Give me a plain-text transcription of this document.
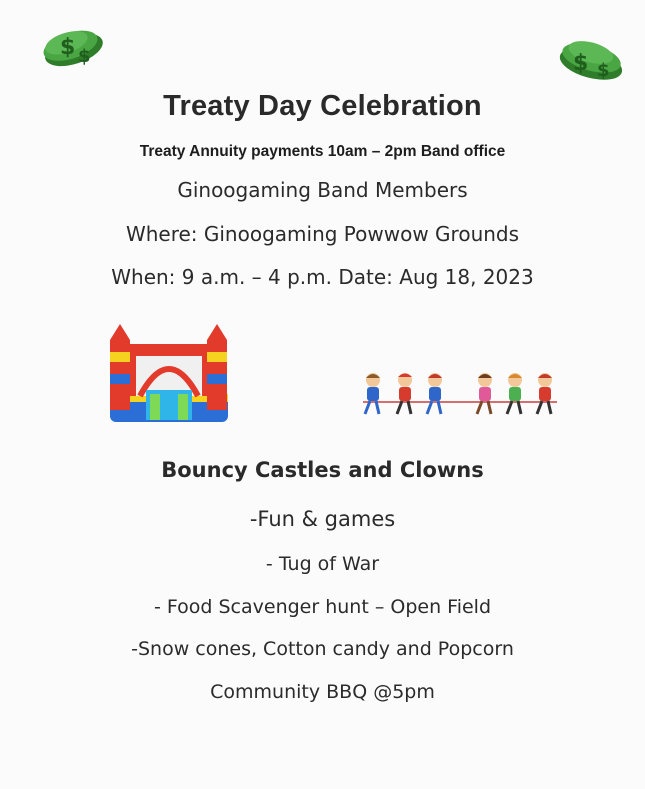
$ $	$ $
Treaty Day Celebration
Treaty Annuity payments 10am – 2pm Band office
Ginoogaming Band Members
Where: Ginoogaming Powwow Grounds
When: 9 a.m. – 4 p.m. Date: Aug 18, 2023
Bouncy Castles and Clowns
-Fun & games
- Tug of War
- Food Scavenger hunt – Open Field
-Snow cones, Cotton candy and Popcorn
Community BBQ @5pm
